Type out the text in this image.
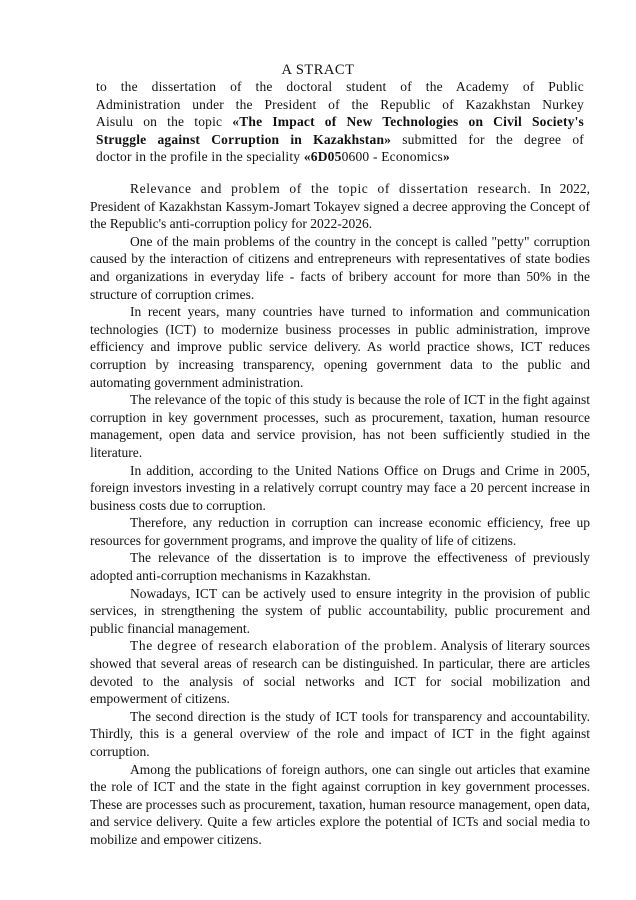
A STRACT
to the dissertation of the doctoral student of the Academy of Public
Administration under the President of the Republic of Kazakhstan Nurkey
Aisulu on the topic «The Impact of New Technologies on Civil Society's
Struggle against Corruption in Kazakhstan» submitted for the degree of
doctor in the profile in the speciality «6D050600 - Economics»

Relevance and problem of the topic of dissertation research. In 2022, President of Kazakhstan Kassym-Jomart Tokayev signed a decree approving the Concept of the Republic's anti-corruption policy for 2022-2026.

One of the main problems of the country in the concept is called "petty" corruption caused by the interaction of citizens and entrepreneurs with representatives of state bodies and organizations in everyday life - facts of bribery account for more than 50% in the structure of corruption crimes.

In recent years, many countries have turned to information and communication technologies (ICT) to modernize business processes in public administration, improve efficiency and improve public service delivery. As world practice shows, ICT reduces corruption by increasing transparency, opening government data to the public and automating government administration.

The relevance of the topic of this study is because the role of ICT in the fight against corruption in key government processes, such as procurement, taxation, human resource management, open data and service provision, has not been sufficiently studied in the literature.

In addition, according to the United Nations Office on Drugs and Crime in 2005, foreign investors investing in a relatively corrupt country may face a 20 percent increase in business costs due to corruption.

Therefore, any reduction in corruption can increase economic efficiency, free up resources for government programs, and improve the quality of life of citizens.

The relevance of the dissertation is to improve the effectiveness of previously adopted anti-corruption mechanisms in Kazakhstan.

Nowadays, ICT can be actively used to ensure integrity in the provision of public services, in strengthening the system of public accountability, public procurement and public financial management.

The degree of research elaboration of the problem. Analysis of literary sources showed that several areas of research can be distinguished. In particular, there are articles devoted to the analysis of social networks and ICT for social mobilization and empowerment of citizens.

The second direction is the study of ICT tools for transparency and accountability. Thirdly, this is a general overview of the role and impact of ICT in the fight against corruption.

Among the publications of foreign authors, one can single out articles that examine the role of ICT and the state in the fight against corruption in key government processes. These are processes such as procurement, taxation, human resource management, open data, and service delivery. Quite a few articles explore the potential of ICTs and social media to mobilize and empower citizens.
